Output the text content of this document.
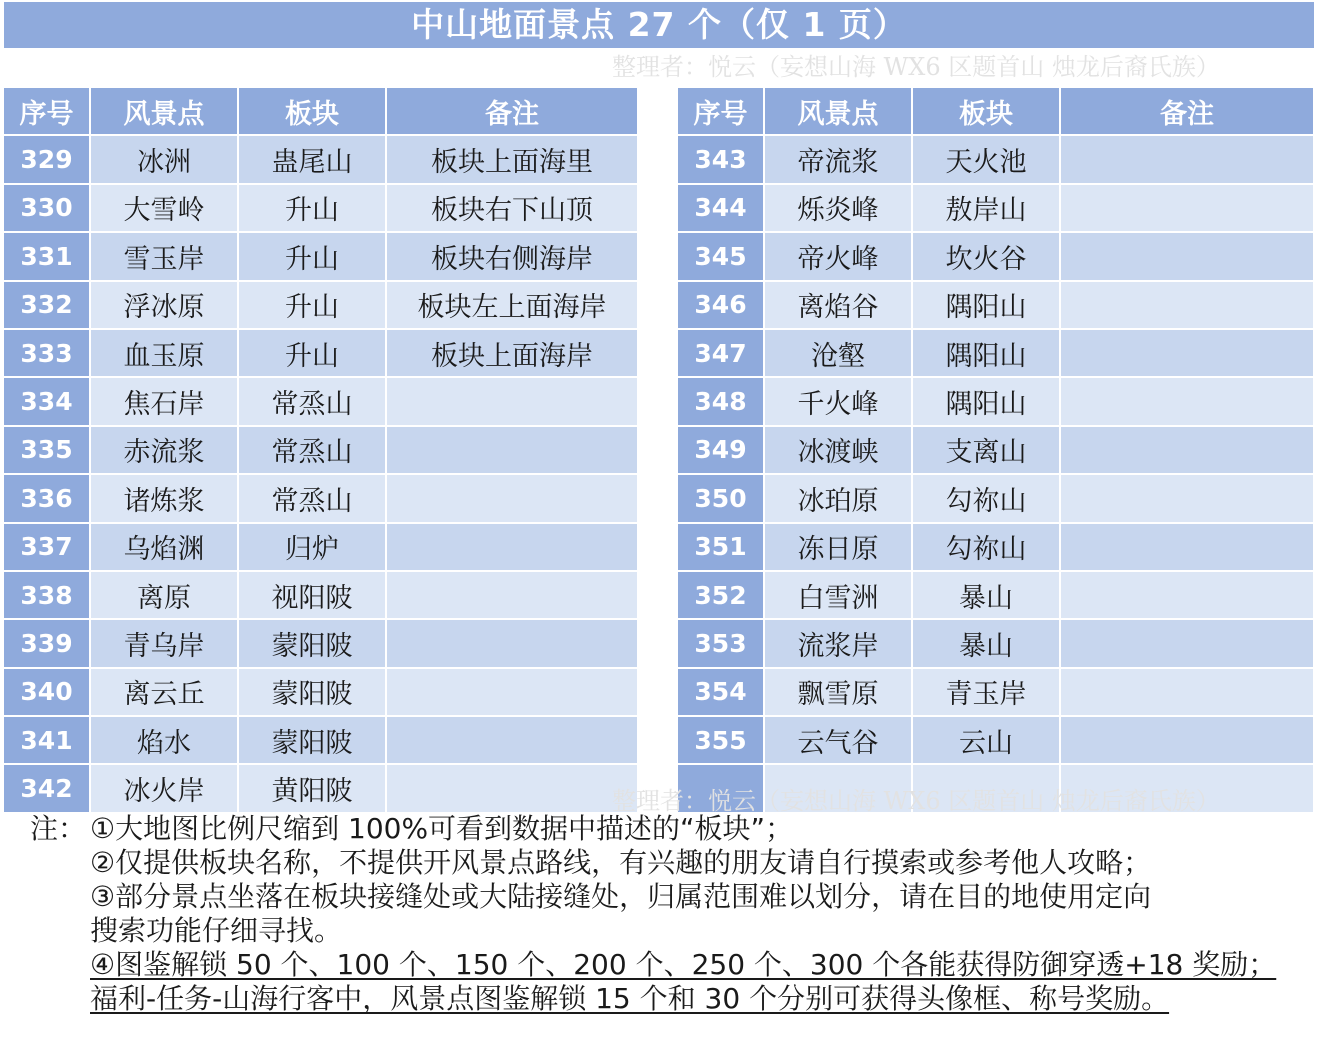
中山地面景点 27 个（仅 1 页）
整理者：悦云（妄想山海 WX6 区题首山 烛龙后裔氏族）
序号	风景点	板块	备注
329	冰洲	蛊尾山	板块上面海里
330	大雪岭	升山	板块右下山顶
331	雪玉岸	升山	板块右侧海岸
332	浮冰原	升山	板块左上面海岸
333	血玉原	升山	板块上面海岸
334	焦石岸	常烝山	
335	赤流浆	常烝山	
336	诸炼浆	常烝山	
337	乌焰渊	归炉	
338	离原	视阳陂	
339	青乌岸	蒙阳陂	
340	离云丘	蒙阳陂	
341	焰水	蒙阳陂	
342	冰火岸	黄阳陂	
序号	风景点	板块	备注
343	帝流浆	天火池	
344	烁炎峰	敖岸山	
345	帝火峰	坎火谷	
346	离焰谷	隅阳山	
347	沧壑	隅阳山	
348	千火峰	隅阳山	
349	冰渡峡	支离山	
350	冰珀原	勾祢山	
351	冻日原	勾祢山	
352	白雪洲	暴山	
353	流浆岸	暴山	
354	飘雪原	青玉岸	
355	云气谷	云山	

整理者：悦云（妄想山海 WX6 区题首山 烛龙后裔氏族）
注： ①大地图比例尺缩到 100%可看到数据中描述的“板块”；
②仅提供板块名称，不提供开风景点路线，有兴趣的朋友请自行摸索或参考他人攻略；
③部分景点坐落在板块接缝处或大陆接缝处，归属范围难以划分，请在目的地使用定向
搜索功能仔细寻找。
④图鉴解锁 50 个、100 个、150 个、200 个、250 个、300 个各能获得防御穿透+18 奖励；
福利-任务-山海行客中，风景点图鉴解锁 15 个和 30 个分别可获得头像框、称号奖励。
